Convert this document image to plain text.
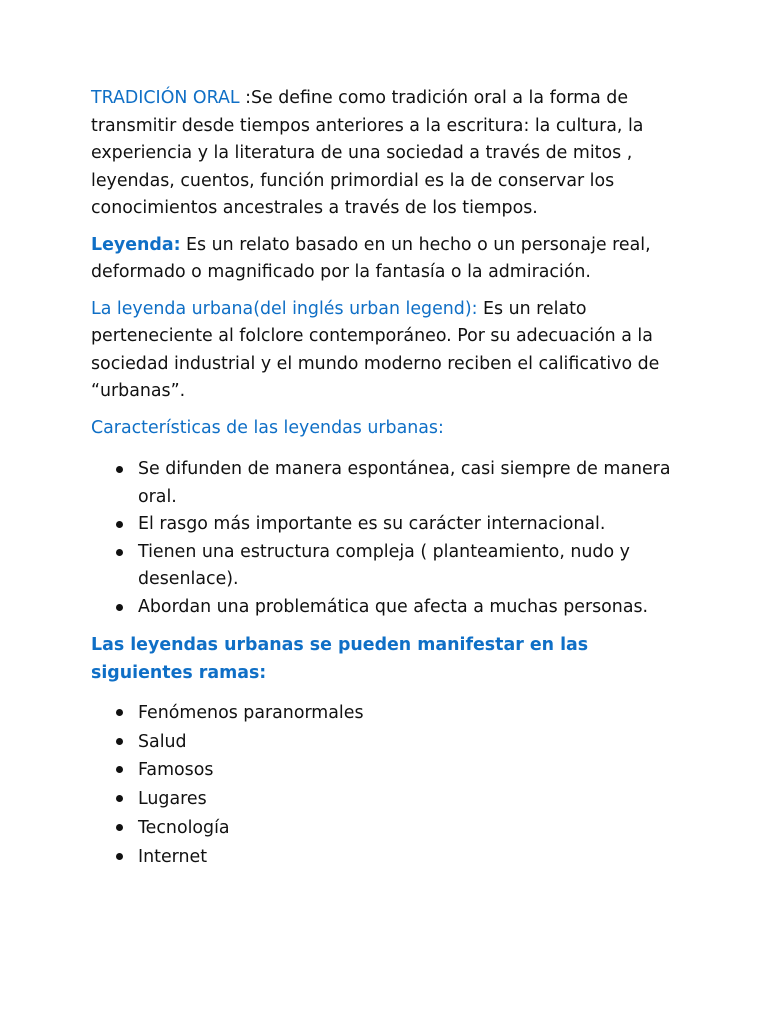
TRADICIÓN ORAL :Se define como tradición oral a la forma de transmitir desde tiempos anteriores a la escritura: la cultura, la experiencia y la literatura de una sociedad a través de mitos , leyendas, cuentos, función primordial es la de conservar los conocimientos ancestrales a través de los tiempos.

Leyenda: Es un relato basado en un hecho o un personaje real, deformado o magnificado por la fantasía o la admiración.

La leyenda urbana(del inglés urban legend): Es un relato perteneciente al folclore contemporáneo. Por su adecuación a la sociedad industrial y el mundo moderno reciben el calificativo de “urbanas”.

Características de las leyendas urbanas:

Se difunden de manera espontánea, casi siempre de manera oral.
El rasgo más importante es su carácter internacional.
Tienen una estructura compleja ( planteamiento, nudo y desenlace).
Abordan una problemática que afecta a muchas personas.

Las leyendas urbanas se pueden manifestar en las siguientes ramas:

Fenómenos paranormales
Salud
Famosos
Lugares
Tecnología
Internet
